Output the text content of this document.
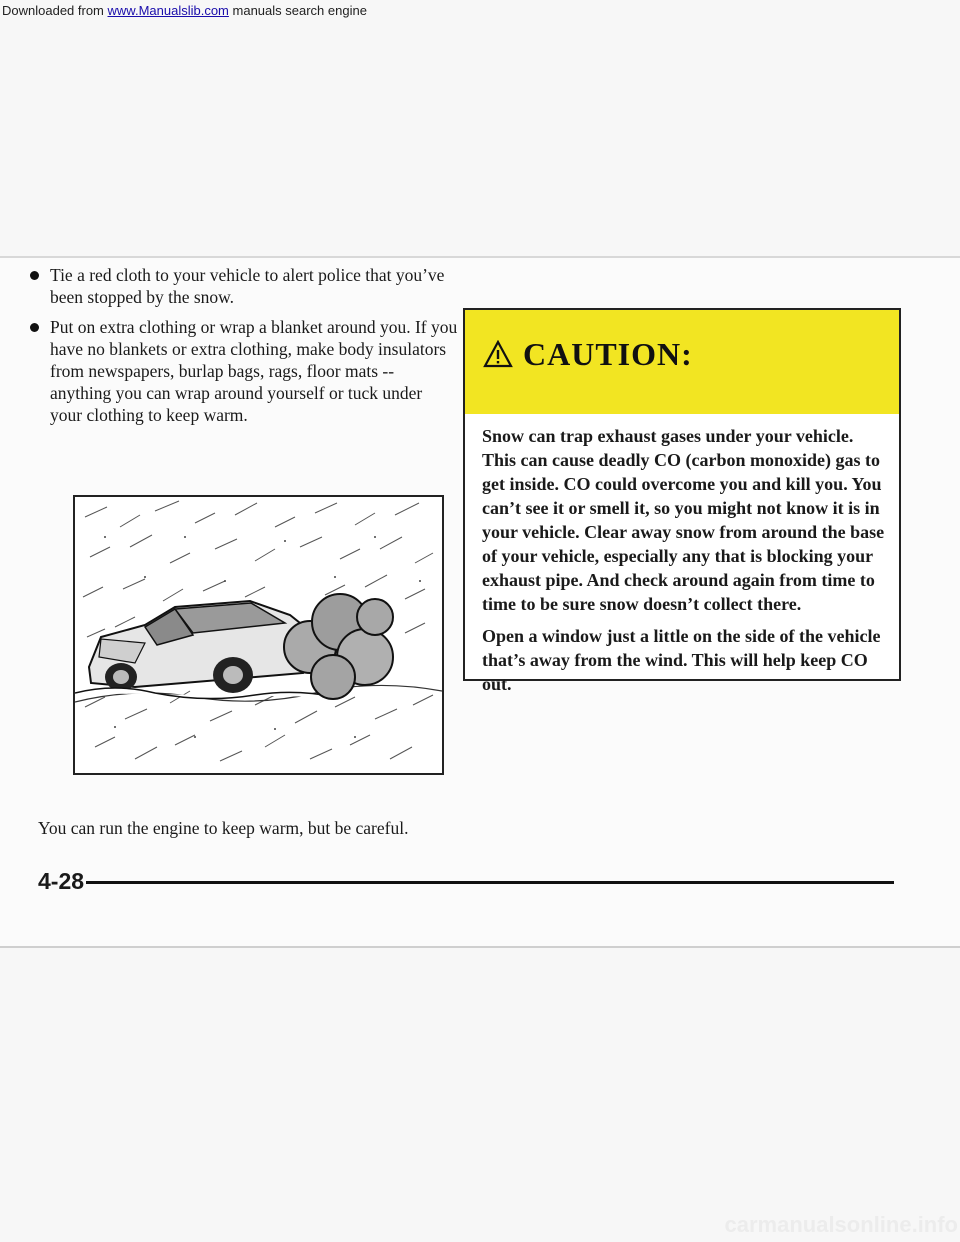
Downloaded from www.Manualslib.com manuals search engine
Tie a red cloth to your vehicle to alert police that you’ve been stopped by the snow.
Put on extra clothing or wrap a blanket around you. If you have no blankets or extra clothing, make body insulators from newspapers, burlap bags, rags, floor mats -- anything you can wrap around yourself or tuck under your clothing to keep warm.
You can run the engine to keep warm, but be careful.
4-28
CAUTION:

Snow can trap exhaust gases under your vehicle. This can cause deadly CO (carbon monoxide) gas to get inside. CO could overcome you and kill you. You can’t see it or smell it, so you might not know it is in your vehicle. Clear away snow from around the base of your vehicle, especially any that is blocking your exhaust pipe. And check around again from time to time to be sure snow doesn’t collect there.

Open a window just a little on the side of the vehicle that’s away from the wind. This will help keep CO out.

carmanualsonline.info
